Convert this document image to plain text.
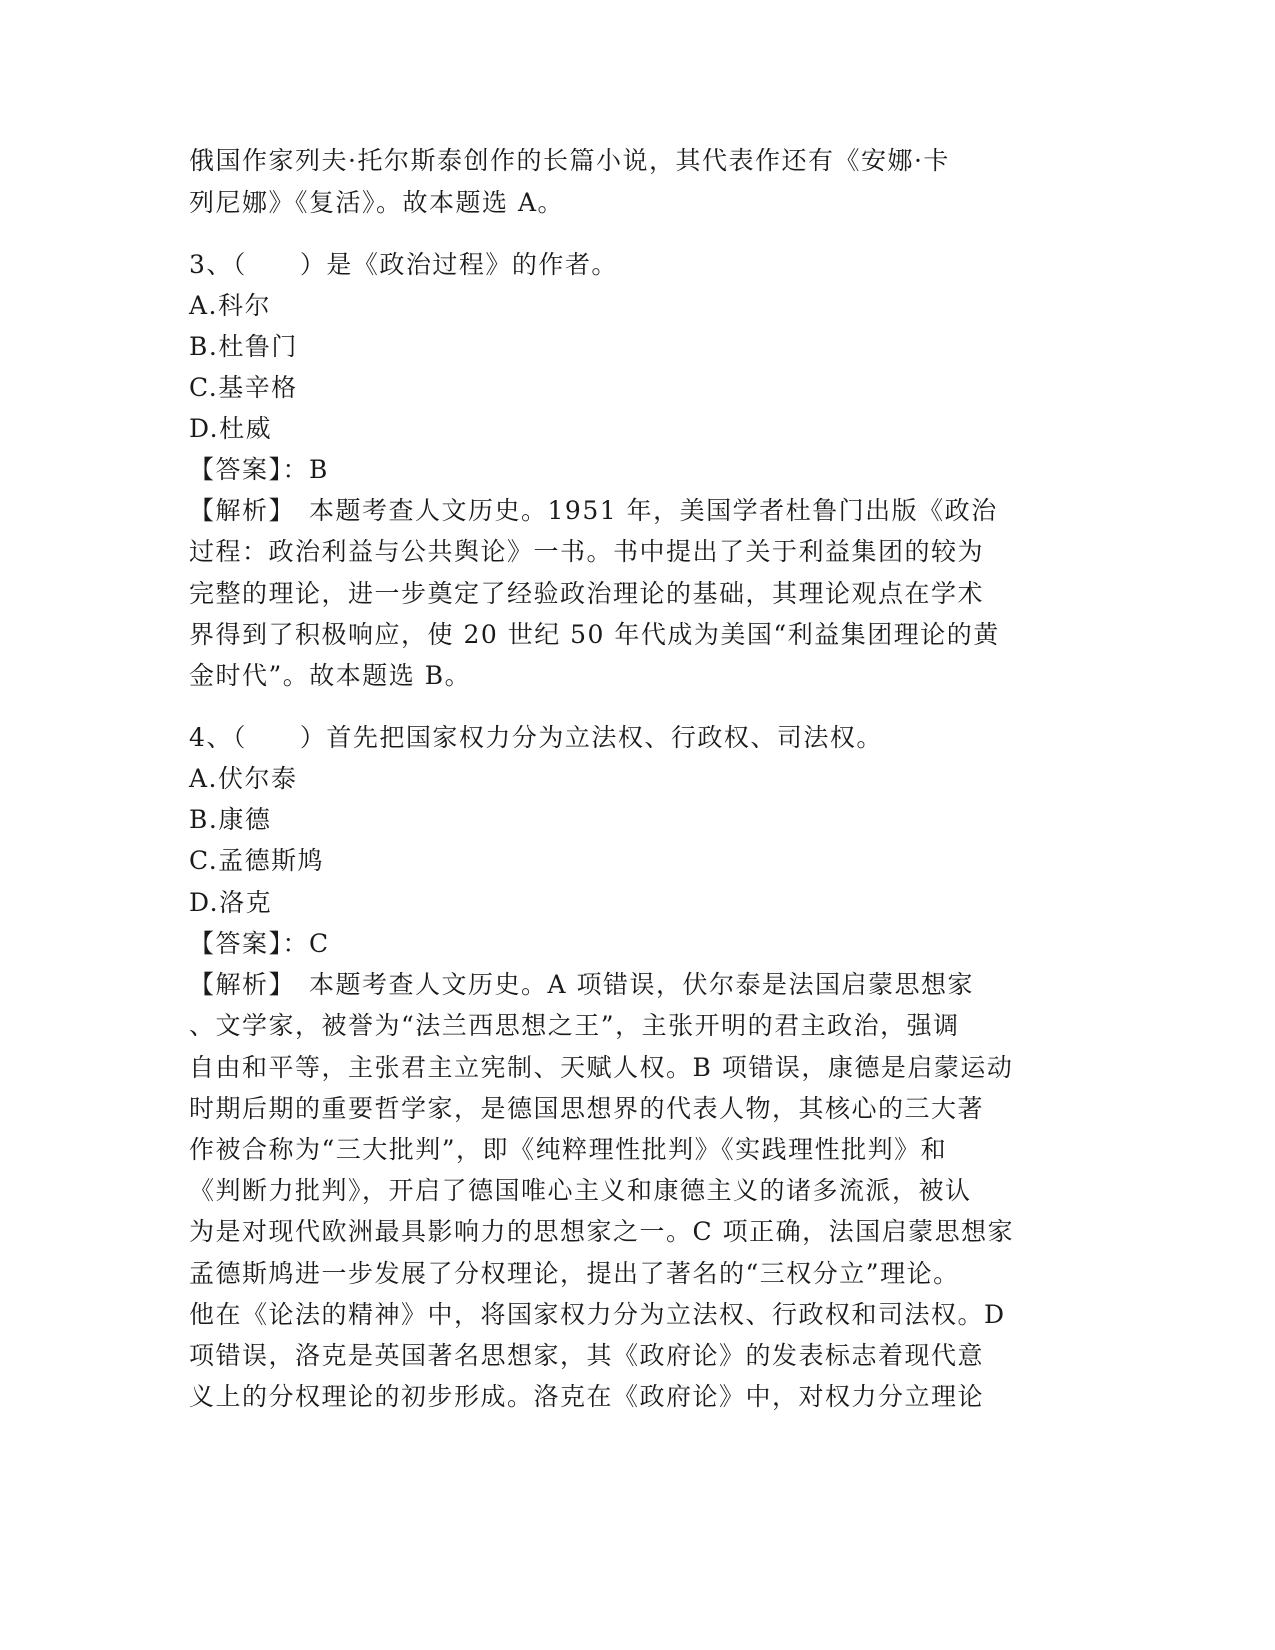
俄国作家列夫·托尔斯泰创作的长篇小说，其代表作还有《安娜·卡
列尼娜》《复活》。故本题选 A。
3、（　　）是《政治过程》的作者。
A.科尔
B.杜鲁门
C.基辛格
D.杜威
【答案】：B
【解析】　本题考查人文历史。1951 年，美国学者杜鲁门出版《政治
过程：政治利益与公共舆论》一书。书中提出了关于利益集团的较为
完整的理论，进一步奠定了经验政治理论的基础，其理论观点在学术
界得到了积极响应，使 20 世纪 50 年代成为美国“利益集团理论的黄
金时代”。故本题选 B。
4、（　　）首先把国家权力分为立法权、行政权、司法权。
A.伏尔泰
B.康德
C.孟德斯鸠
D.洛克
【答案】：C
【解析】　本题考查人文历史。A 项错误，伏尔泰是法国启蒙思想家
、文学家，被誉为“法兰西思想之王”，主张开明的君主政治，强调
自由和平等，主张君主立宪制、天赋人权。B 项错误，康德是启蒙运动
时期后期的重要哲学家，是德国思想界的代表人物，其核心的三大著
作被合称为“三大批判”，即《纯粹理性批判》《实践理性批判》和
《判断力批判》，开启了德国唯心主义和康德主义的诸多流派，被认
为是对现代欧洲最具影响力的思想家之一。C 项正确，法国启蒙思想家
孟德斯鸠进一步发展了分权理论，提出了著名的“三权分立”理论。
他在《论法的精神》中，将国家权力分为立法权、行政权和司法权。D
项错误，洛克是英国著名思想家，其《政府论》的发表标志着现代意
义上的分权理论的初步形成。洛克在《政府论》中，对权力分立理论
